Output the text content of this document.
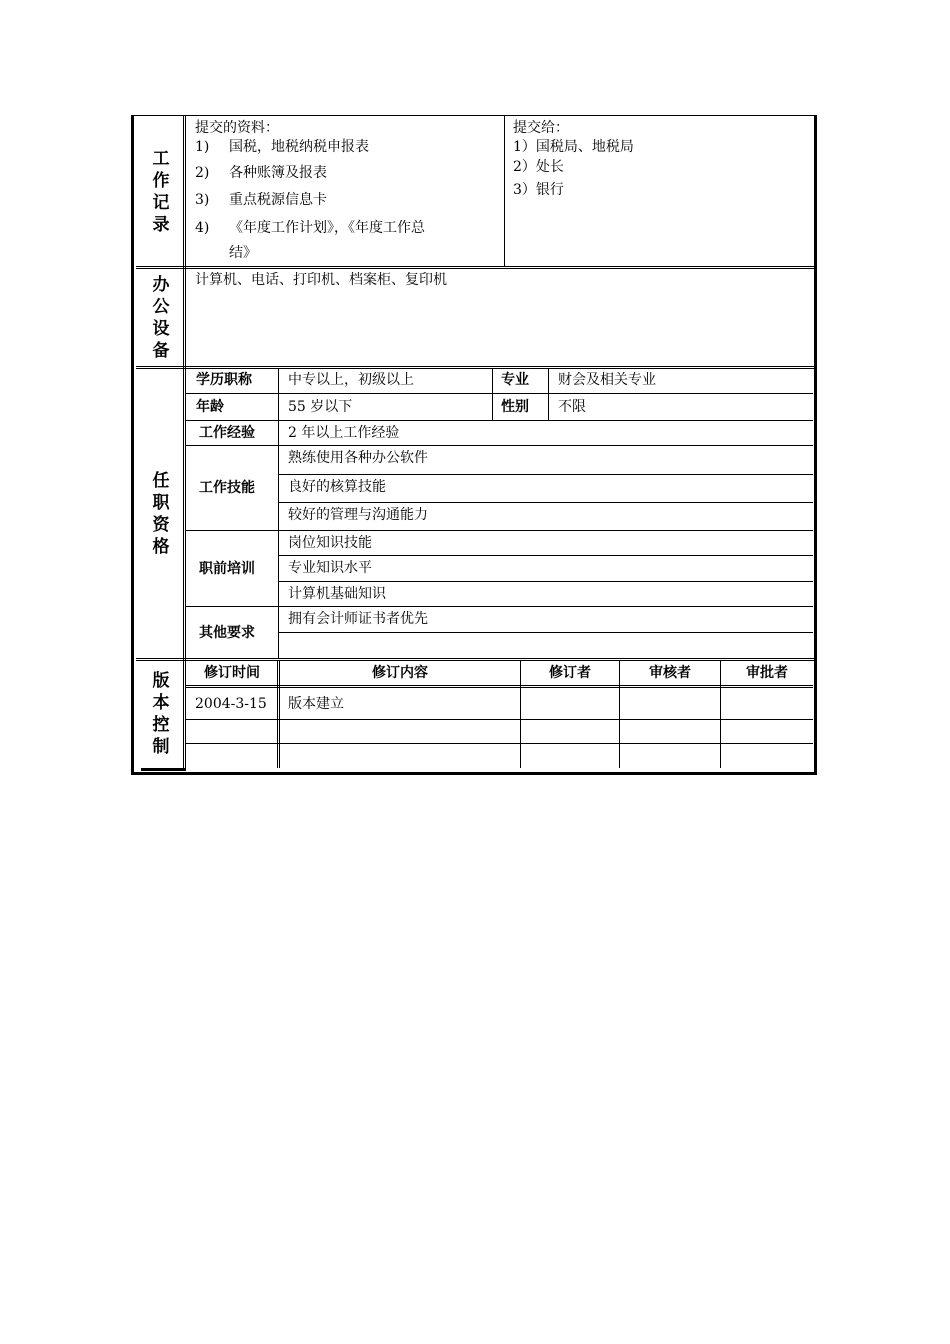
工作记录
提交的资料：
1) 国税，地税纳税申报表
2) 各种账簿及报表
3) 重点税源信息卡
4) 《年度工作计划》，《年度工作总
结》
提交给：
1）国税局、地税局
2）处长
3）银行
办公设备
计算机、电话、打印机、档案柜、复印机
任职资格
学历职称	中专以上，初级以上	专业 财会及相关专业
年龄	55 岁以下	性别 不限
工作经验 2 年以上工作经验
工作技能
熟练使用各种办公软件
良好的核算技能
较好的管理与沟通能力
职前培训
岗位知识技能
专业知识水平
计算机基础知识
其他要求
拥有会计师证书者优先
版本控制
修订时间	修订内容	修订者	审核者	审批者
2004-3-15 版本建立
